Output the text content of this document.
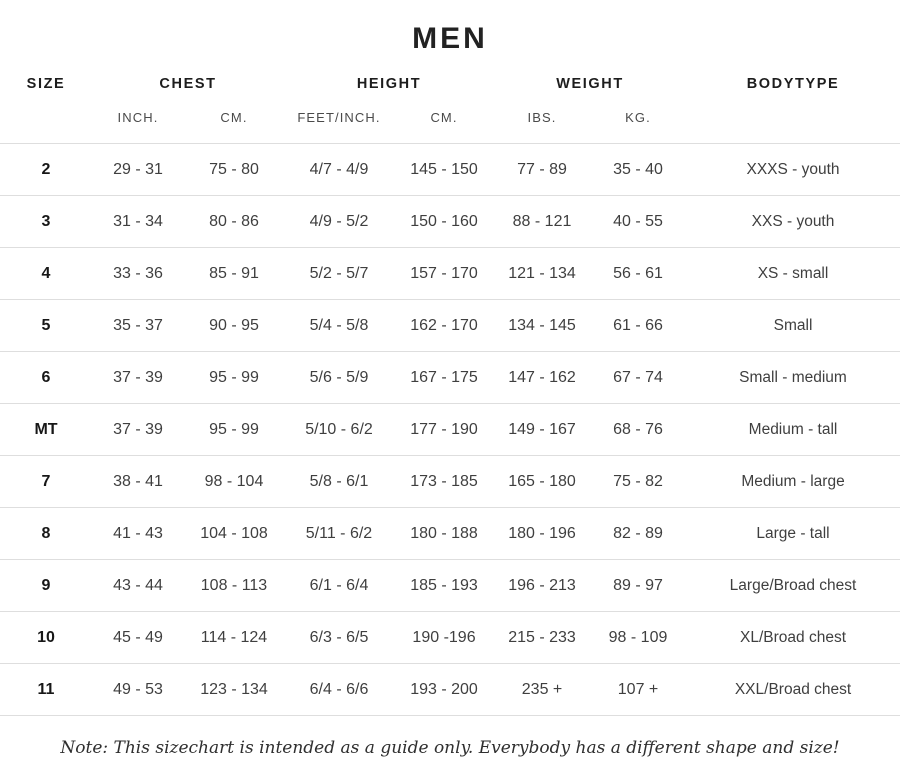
MEN
SIZE	CHEST		HEIGHT		WEIGHT		BODYTYPE
	INCH.	CM.	FEET/INCH.	CM.	IBS.	KG.	
2	29 - 31	75 - 80	4/7 - 4/9	145 - 150	77 - 89	35 - 40	XXXS - youth
3	31 - 34	80 - 86	4/9 - 5/2	150 - 160	88 - 121	40 - 55	XXS - youth
4	33 - 36	85 - 91	5/2 - 5/7	157 - 170	121 - 134	56 - 61	XS - small
5	35 - 37	90 - 95	5/4 - 5/8	162 - 170	134 - 145	61 - 66	Small
6	37 - 39	95 - 99	5/6 - 5/9	167 - 175	147 - 162	67 - 74	Small - medium
MT	37 - 39	95 - 99	5/10 - 6/2	177 - 190	149 - 167	68 - 76	Medium - tall
7	38 - 41	98 - 104	5/8 - 6/1	173 - 185	165 - 180	75 - 82	Medium - large
8	41 - 43	104 - 108	5/11 - 6/2	180 - 188	180 - 196	82 - 89	Large - tall
9	43 - 44	108 - 113	6/1 - 6/4	185 - 193	196 - 213	89 - 97	Large/Broad chest
10	45 - 49	114 - 124	6/3 - 6/5	190 -196	215 - 233	98 - 109	XL/Broad chest
11	49 - 53	123 - 134	6/4 - 6/6	193 - 200	235 +	107 +	XXL/Broad chest
Note: This sizechart is intended as a guide only. Everybody has a different shape and size!
